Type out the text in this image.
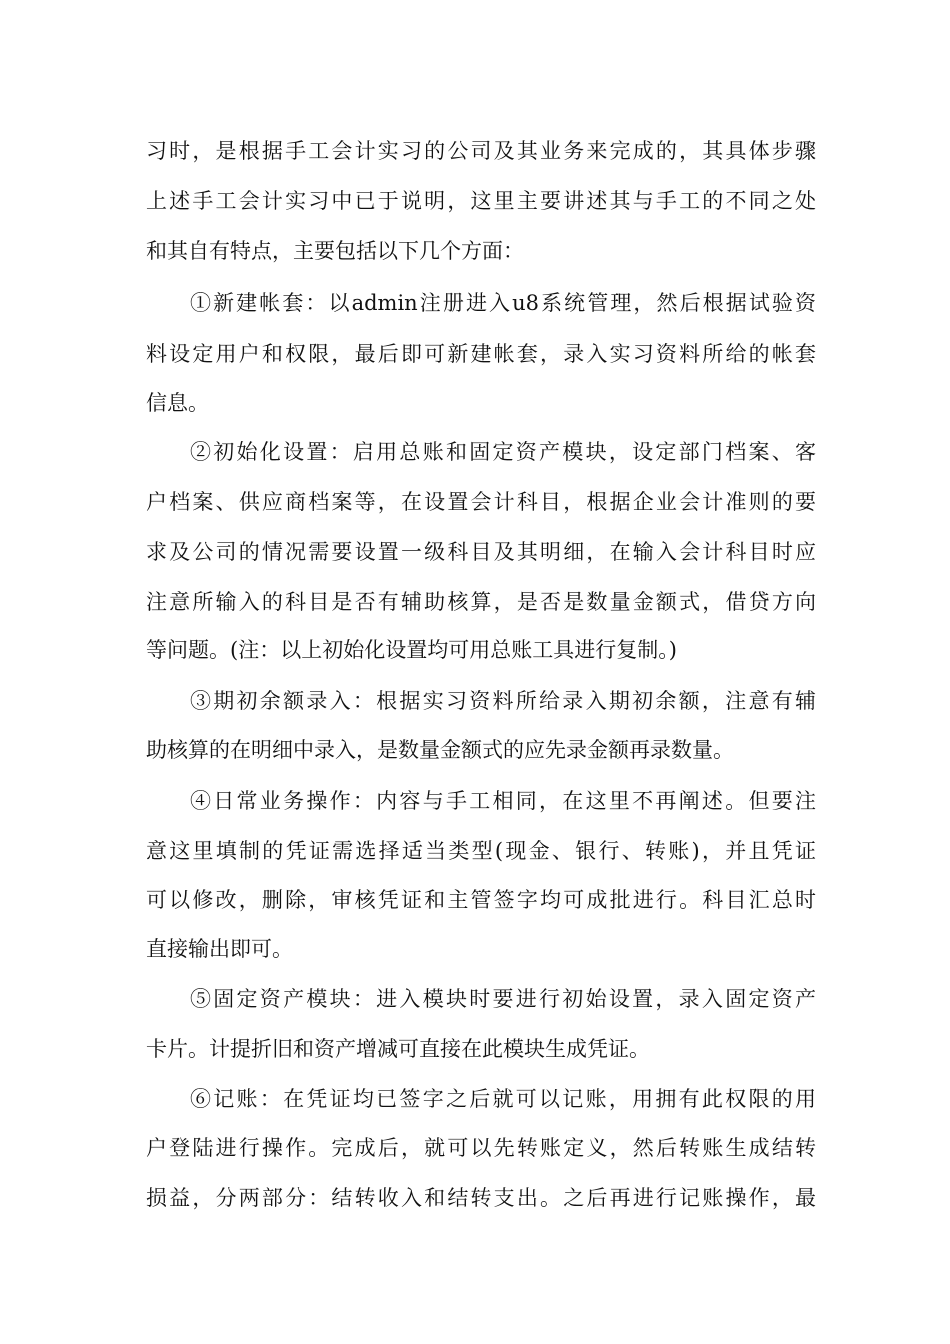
习时，是根据手工会计实习的公司及其业务来完成的，其具体步骤

上述手工会计实习中已于说明，这里主要讲述其与手工的不同之处

和其自有特点，主要包括以下几个方面：

①新建帐套：以admin注册进入u8系统管理，然后根据试验资

料设定用户和权限，最后即可新建帐套，录入实习资料所给的帐套

信息。

②初始化设置：启用总账和固定资产模块，设定部门档案、客

户档案、供应商档案等，在设置会计科目，根据企业会计准则的要

求及公司的情况需要设置一级科目及其明细，在输入会计科目时应

注意所输入的科目是否有辅助核算，是否是数量金额式，借贷方向

等问题。(注：以上初始化设置均可用总账工具进行复制。)

③期初余额录入：根据实习资料所给录入期初余额，注意有辅

助核算的在明细中录入，是数量金额式的应先录金额再录数量。

④日常业务操作：内容与手工相同，在这里不再阐述。但要注

意这里填制的凭证需选择适当类型(现金、银行、转账)，并且凭证

可以修改，删除，审核凭证和主管签字均可成批进行。科目汇总时

直接输出即可。

⑤固定资产模块：进入模块时要进行初始设置，录入固定资产

卡片。计提折旧和资产增减可直接在此模块生成凭证。

⑥记账：在凭证均已签字之后就可以记账，用拥有此权限的用

户登陆进行操作。完成后，就可以先转账定义，然后转账生成结转

损益，分两部分：结转收入和结转支出。之后再进行记账操作，最
